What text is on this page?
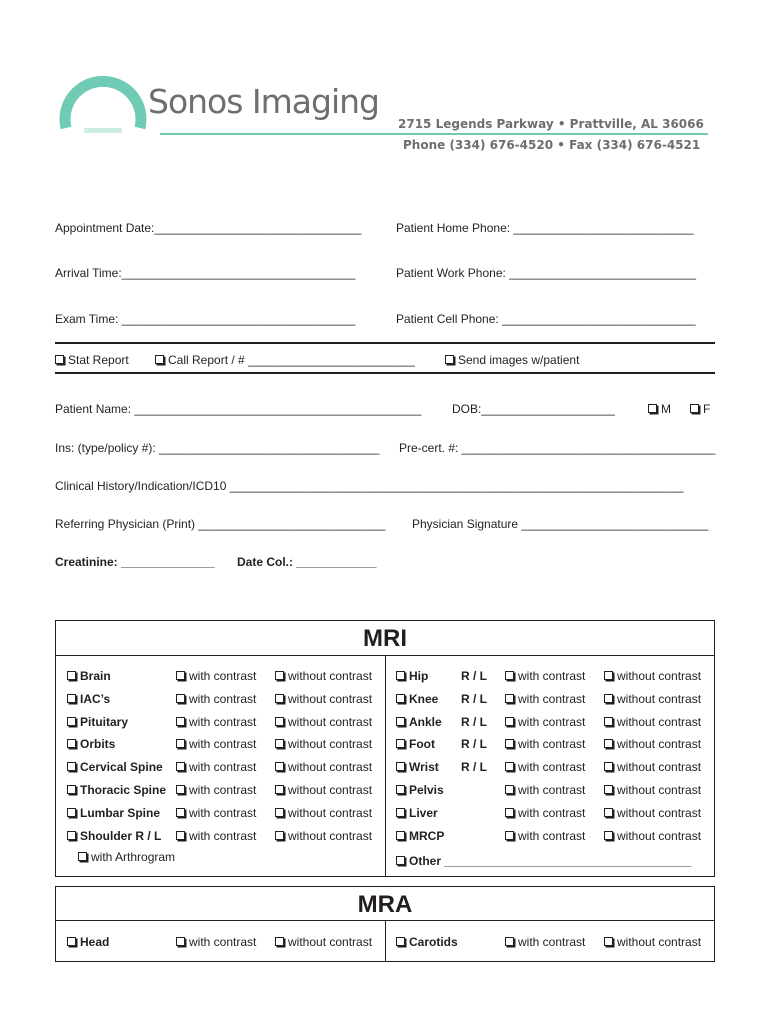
Sonos Imaging
2715 Legends Parkway • Prattville, AL 36066
Phone (334) 676-4520 • Fax (334) 676-4521
Appointment Date:_______________________________	Patient Home Phone: ___________________________
Arrival Time:___________________________________	Patient Work Phone: ____________________________
Exam Time: ___________________________________	Patient Cell Phone: _____________________________
Stat Report	Call Report / # _________________________	Send images w/patient
Patient Name: ___________________________________________	DOB:____________________	M	F
Ins: (type/policy #): _________________________________ Pre-cert. #: ______________________________________
Clinical History/Indication/ICD10 ____________________________________________________________________
Referring Physician (Print) ____________________________ Physician Signature ____________________________
Creatinine: ______________ Date Col.: ____________
MRI
Brain	with contrast	without contrast
IAC’s	with contrast	without contrast
Pituitary	with contrast	without contrast
Orbits	with contrast	without contrast
Cervical Spine	with contrast	without contrast
Thoracic Spine	with contrast	without contrast
Lumbar Spine	with contrast	without contrast
Shoulder R / L	with contrast	without contrast
Hip	R / L	with contrast	without contrast
Knee R / L	with contrast	without contrast
Ankle R / L	with contrast	without contrast
Foot R / L	with contrast	without contrast
Wrist R / L	with contrast	without contrast
Pelvis	with contrast	without contrast
Liver	with contrast	without contrast
MRCP	with contrast	without contrast
with Arthrogram	Other _____________________________________
MRA
Head	with contrast	without contrast	Carotids	with contrast	without contrast
